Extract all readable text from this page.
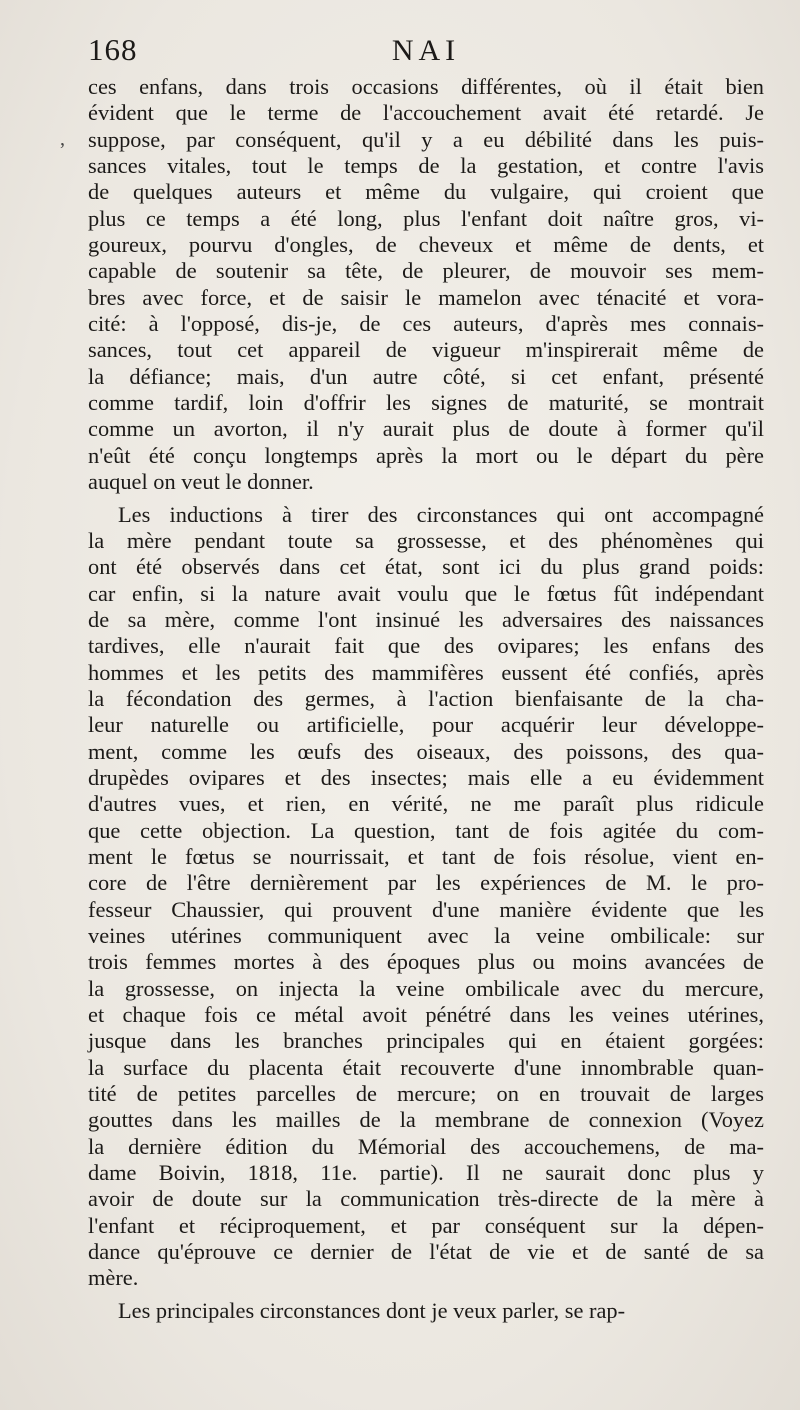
168	NAI
,
ces enfans, dans trois occasions différentes, où il était bien
évident que le terme de l'accouchement avait été retardé. Je
suppose, par conséquent, qu'il y a eu débilité dans les puis-
sances vitales, tout le temps de la gestation, et contre l'avis
de quelques auteurs et même du vulgaire, qui croient que
plus ce temps a été long, plus l'enfant doit naître gros, vi-
goureux, pourvu d'ongles, de cheveux et même de dents, et
capable de soutenir sa tête, de pleurer, de mouvoir ses mem-
bres avec force, et de saisir le mamelon avec ténacité et vora-
cité: à l'opposé, dis-je, de ces auteurs, d'après mes connais-
sances, tout cet appareil de vigueur m'inspirerait même de
la défiance; mais, d'un autre côté, si cet enfant, présenté
comme tardif, loin d'offrir les signes de maturité, se montrait
comme un avorton, il n'y aurait plus de doute à former qu'il
n'eût été conçu longtemps après la mort ou le départ du père
auquel on veut le donner.
Les inductions à tirer des circonstances qui ont accompagné
la mère pendant toute sa grossesse, et des phénomènes qui
ont été observés dans cet état, sont ici du plus grand poids:
car enfin, si la nature avait voulu que le fœtus fût indépendant
de sa mère, comme l'ont insinué les adversaires des naissances
tardives, elle n'aurait fait que des ovipares; les enfans des
hommes et les petits des mammifères eussent été confiés, après
la fécondation des germes, à l'action bienfaisante de la cha-
leur naturelle ou artificielle, pour acquérir leur développe-
ment, comme les œufs des oiseaux, des poissons, des qua-
drupèdes ovipares et des insectes; mais elle a eu évidemment
d'autres vues, et rien, en vérité, ne me paraît plus ridicule
que cette objection. La question, tant de fois agitée du com-
ment le fœtus se nourrissait, et tant de fois résolue, vient en-
core de l'être dernièrement par les expériences de M. le pro-
fesseur Chaussier, qui prouvent d'une manière évidente que les
veines utérines communiquent avec la veine ombilicale: sur
trois femmes mortes à des époques plus ou moins avancées de
la grossesse, on injecta la veine ombilicale avec du mercure,
et chaque fois ce métal avoit pénétré dans les veines utérines,
jusque dans les branches principales qui en étaient gorgées:
la surface du placenta était recouverte d'une innombrable quan-
tité de petites parcelles de mercure; on en trouvait de larges
gouttes dans les mailles de la membrane de connexion (Voyez
la dernière édition du Mémorial des accouchemens, de ma-
dame Boivin, 1818, 11e. partie). Il ne saurait donc plus y
avoir de doute sur la communication très-directe de la mère à
l'enfant et réciproquement, et par conséquent sur la dépen-
dance qu'éprouve ce dernier de l'état de vie et de santé de sa
mère.
Les principales circonstances dont je veux parler, se rap-
